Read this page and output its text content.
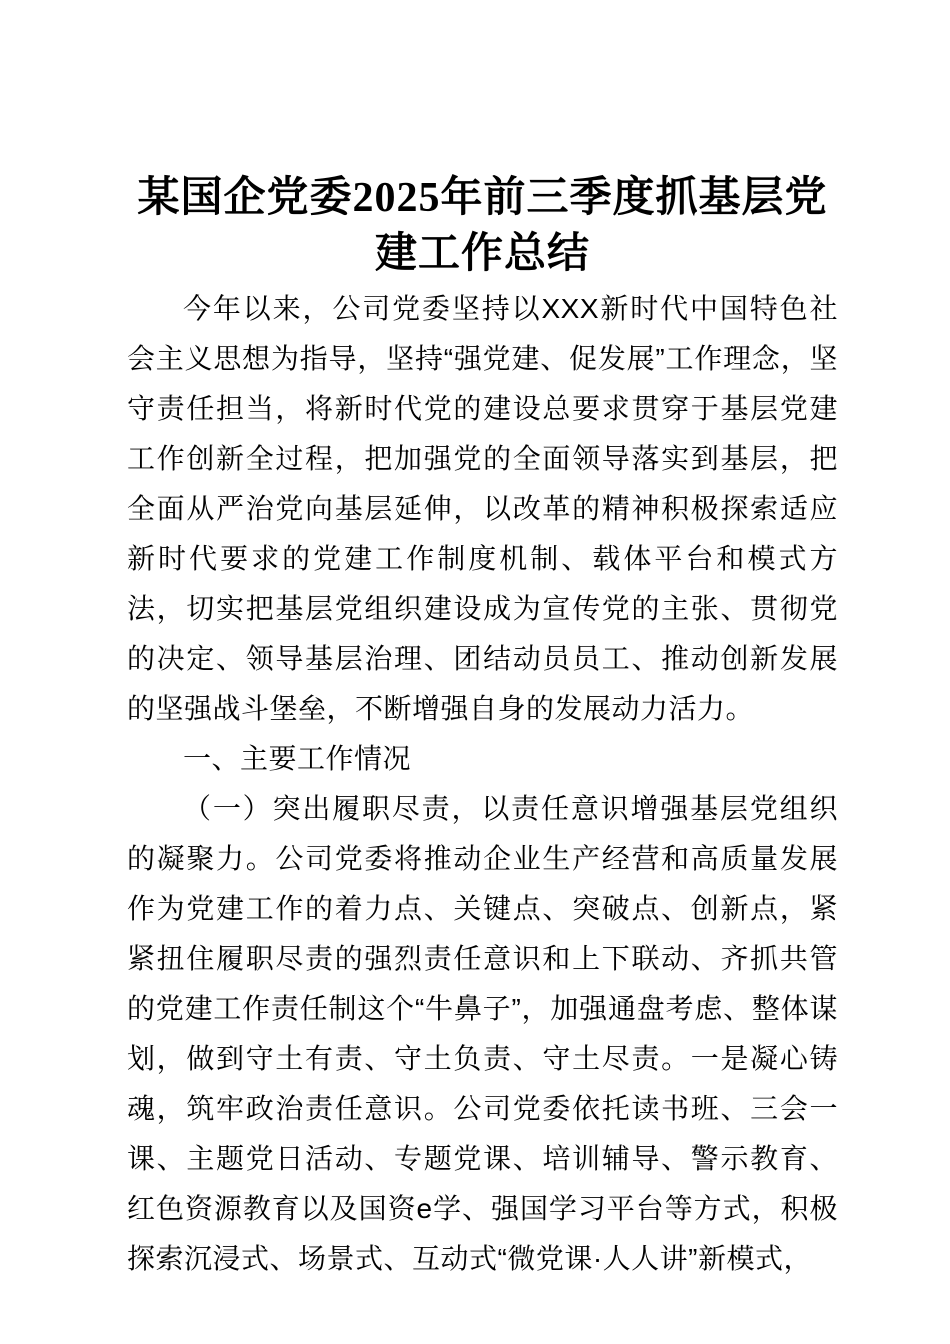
某国企党委2025年前三季度抓基层党
建工作总结

今年以来，公司党委坚持以XXX新时代中国特色社会主义思想为指导，坚持“强党建、促发展”工作理念，坚守责任担当，将新时代党的建设总要求贯穿于基层党建工作创新全过程，把加强党的全面领导落实到基层，把全面从严治党向基层延伸，以改革的精神积极探索适应新时代要求的党建工作制度机制、载体平台和模式方法，切实把基层党组织建设成为宣传党的主张、贯彻党的决定、领导基层治理、团结动员员工、推动创新发展的坚强战斗堡垒，不断增强自身的发展动力活力。

一、主要工作情况

（一）突出履职尽责，以责任意识增强基层党组织的凝聚力。公司党委将推动企业生产经营和高质量发展作为党建工作的着力点、关键点、突破点、创新点，紧紧扭住履职尽责的强烈责任意识和上下联动、齐抓共管的党建工作责任制这个“牛鼻子”，加强通盘考虑、整体谋划，做到守土有责、守土负责、守土尽责。一是凝心铸魂，筑牢政治责任意识。公司党委依托读书班、三会一课、主题党日活动、专题党课、培训辅导、警示教育、红色资源教育以及国资e学、强国学习平台等方式，积极探索沉浸式、场景式、互动式“微党课·人人讲”新模式，
